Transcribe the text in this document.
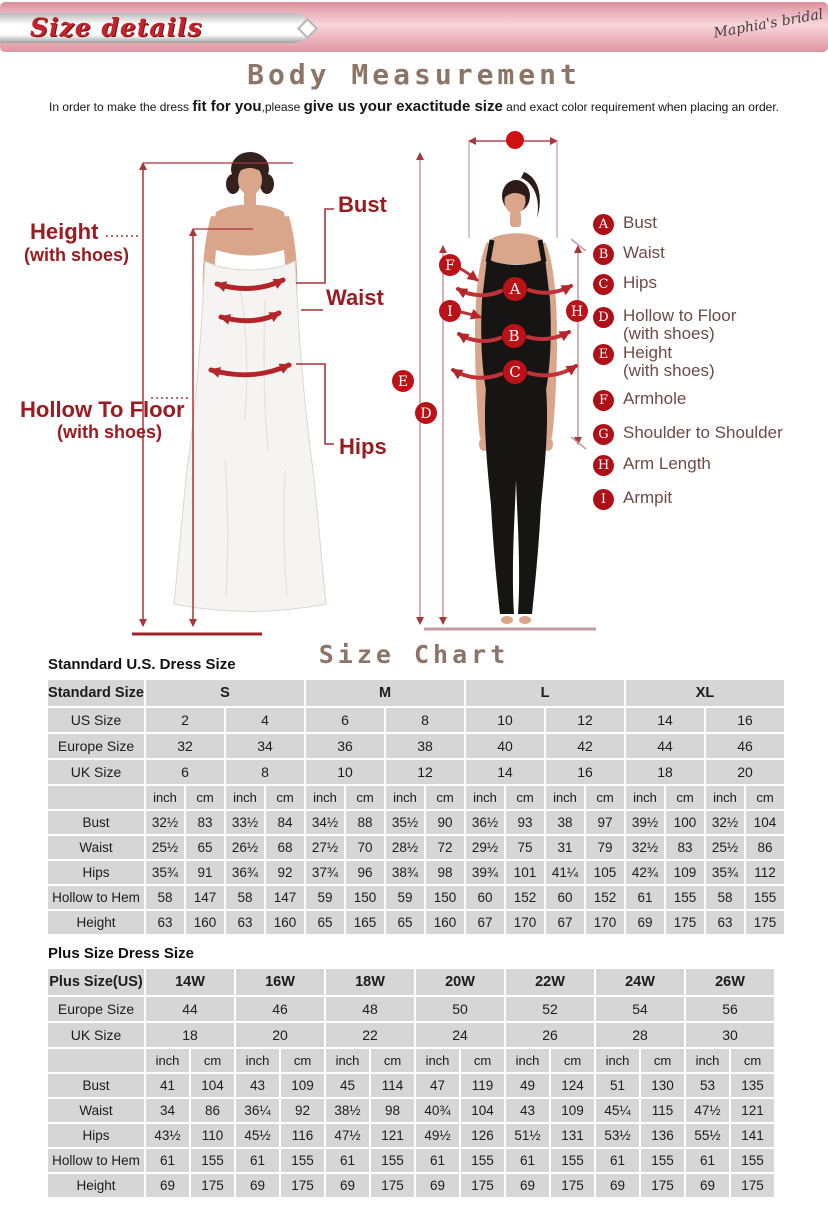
Size details	Maphia's bridal
Body Measurement
In order to make the dress fit for you,please give us your exactitude size and exact color requirement when placing an order.
A
B
C
D
E
F
H
I
Height
(with shoes)
Hollow To Floor
(with shoes)
Bust
Waist
Hips
A Bust
B Waist
C Hips
D Hollow to Floor
(with shoes)
E Height
(with shoes)
F Armhole
G Shoulder to Shoulder
H Arm Length
I Armpit
Size Chart
Stanndard U.S. Dress Size
Standard Size	S				M				L				XL			
US Size	2		4		6		8		10		12		14		16	
Europe Size	32		34		36		38		40		42		44		46	
UK Size	6		8		10		12		14		16		18		20	
	inch	cm	inch	cm	inch	cm	inch	cm	inch	cm	inch	cm	inch	cm	inch	cm
Bust	32½	83	33½	84	34½	88	35½	90	36½	93	38	97	39½	100	32½	104
Waist	25½	65	26½	68	27½	70	28½	72	29½	75	31	79	32½	83	25½	86
Hips	35¾	91	36¾	92	37¾	96	38¾	98	39¾	101	41¼	105	42¾	109	35¾	112
Hollow to Hem	58	147	58	147	59	150	59	150	60	152	60	152	61	155	58	155
Height	63	160	63	160	65	165	65	160	67	170	67	170	69	175	63	175
Plus Size Dress Size
Plus Size(US)	14W		16W		18W		20W		22W		24W		26W	
Europe Size	44		46		48		50		52		54		56	
UK Size	18		20		22		24		26		28		30	
	inch	cm	inch	cm	inch	cm	inch	cm	inch	cm	inch	cm	inch	cm
Bust	41	104	43	109	45	114	47	119	49	124	51	130	53	135
Waist	34	86	36¼	92	38½	98	40¾	104	43	109	45¼	115	47½	121
Hips	43½	110	45½	116	47½	121	49½	126	51½	131	53½	136	55½	141
Hollow to Hem	61	155	61	155	61	155	61	155	61	155	61	155	61	155
Height	69	175	69	175	69	175	69	175	69	175	69	175	69	175
